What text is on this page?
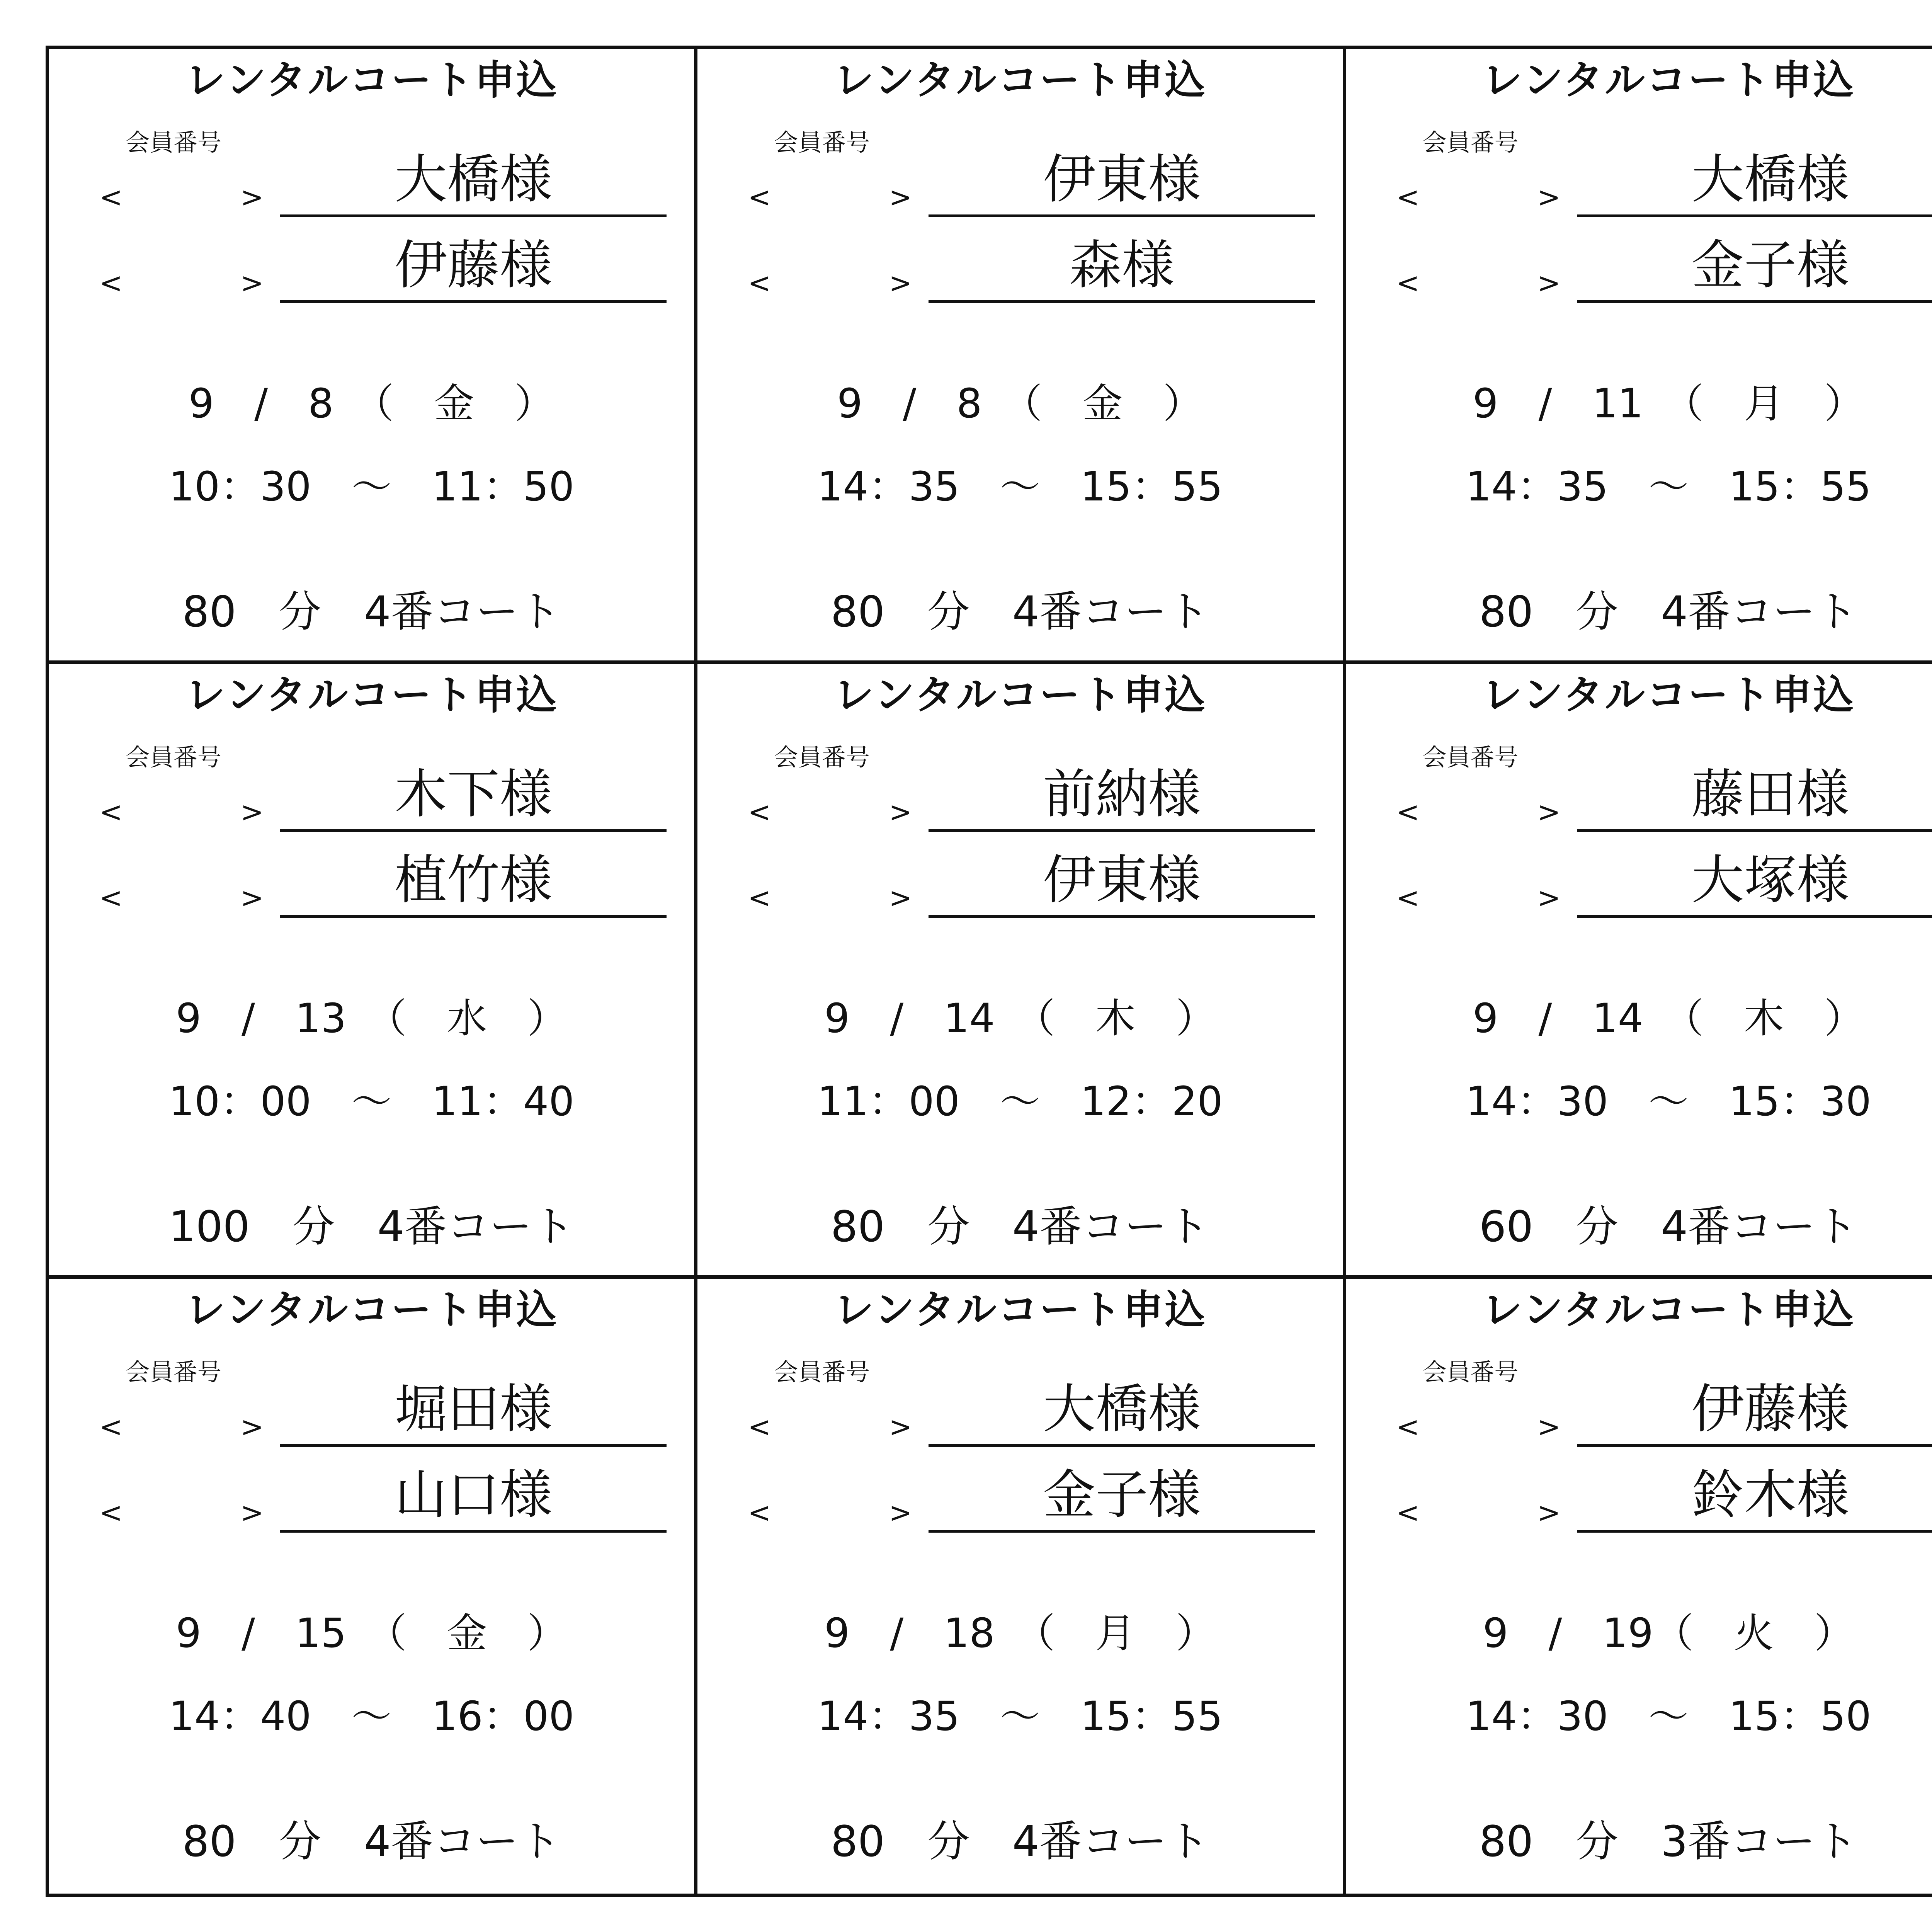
レンタルコート申込
会員番号
<	>	大橋様
<	>	伊藤様
9　/　8　（　金　）
10：30　～　11：50
80　分　4番コート
レンタルコート申込
会員番号
<	>	伊東様
<	>	森様
9　/　8　（　金　）
14：35　～　15：55
80　分　4番コート
レンタルコート申込
会員番号
<	>	大橋様
<	>	金子様
9　/　11　（　月　）
14：35　～　15：55
80　分　4番コート
レンタルコート申込
会員番号
<	>	木下様
<	>	植竹様
9　/　13　（　水　）
10：00　～　11：40
100　分　4番コート
レンタルコート申込
会員番号
<	>	前納様
<	>	伊東様
9　/　14　（　木　）
11：00　～　12：20
80　分　4番コート
レンタルコート申込
会員番号
<	>	藤田様
<	>	大塚様
9　/　14　（　木　）
14：30　～　15：30
60　分　4番コート
レンタルコート申込
会員番号
<	>	堀田様
<	>	山口様
9　/　15　（　金　）
14：40　～　16：00
80　分　4番コート
レンタルコート申込
会員番号
<	>	大橋様
<	>	金子様
9　/　18　（　月　）
14：35　～　15：55
80　分　4番コート
レンタルコート申込
会員番号
<	>	伊藤様
<	>	鈴木様
9　/　19（　火　）
14：30　～　15：50
80　分　3番コート
